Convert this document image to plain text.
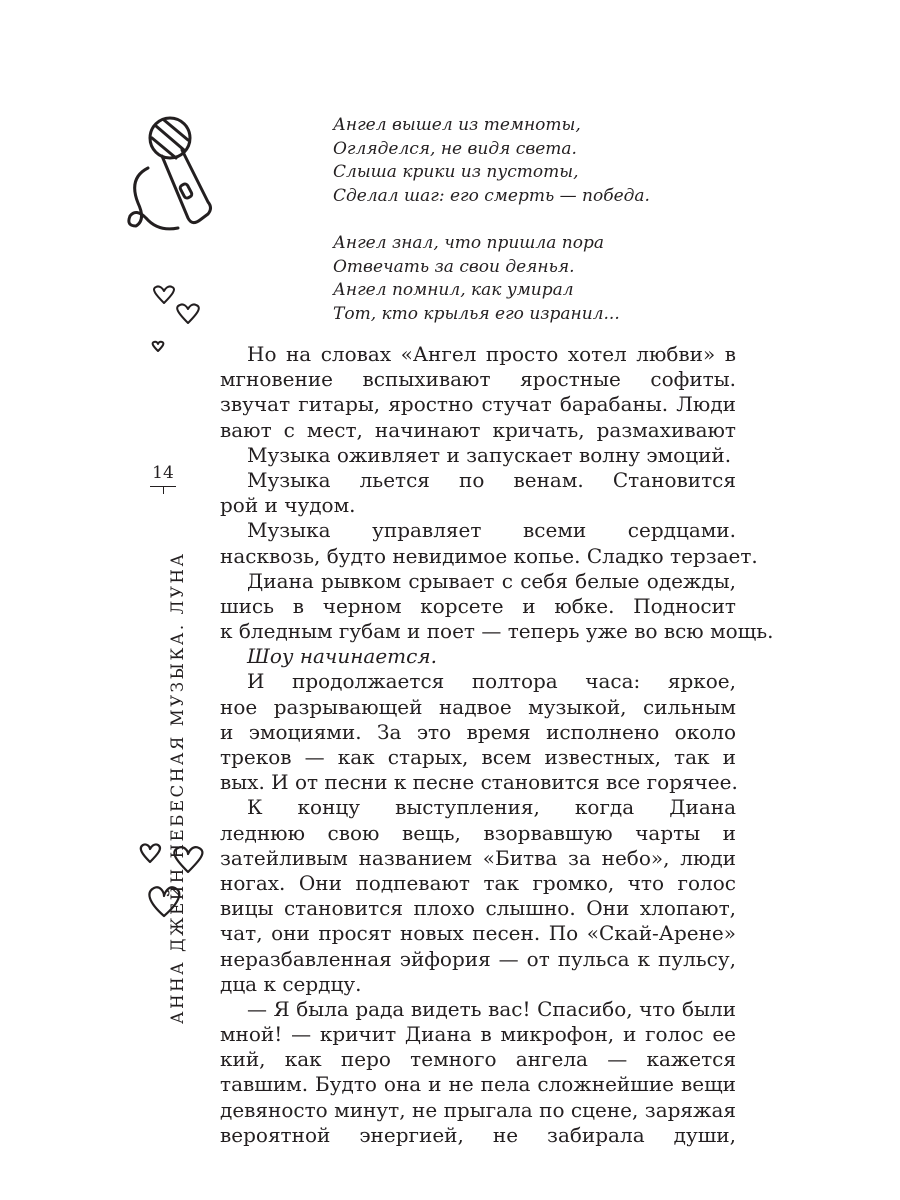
АННА ДЖЕЙН НЕБЕСНАЯ МУЗЫКА. ЛУНА
14
Ангел вышел из темноты,
Огляделся, не видя света.
Слыша крики из пустоты,
Сделал шаг: его смерть — победа.
Ангел знал, что пришла пора
Отвечать за свои деянья.
Ангел помнил, как умирал
Тот, кто крылья его изранил...
Но на словах «Ангел просто хотел любви» в
мгновение вспыхивают яростные софиты.
звучат гитары, яростно стучат барабаны. Люди
вают с мест, начинают кричать, размахивают
Музыка оживляет и запускает волну эмоций.
Музыка льется по венам. Становится
рой и чудом.
Музыка управляет всеми сердцами.
насквозь, будто невидимое копье. Сладко терзает.
Диана рывком срывает с себя белые одежды,
шись в черном корсете и юбке. Подносит
к бледным губам и поет — теперь уже во всю мощь.
Шоу начинается.
И продолжается полтора часа: яркое,
ное разрывающей надвое музыкой, сильным
и эмоциями. За это время исполнено около
треков — как старых, всем известных, так и
вых. И от песни к песне становится все горячее.
К концу выступления, когда Диана
леднюю свою вещь, взорвавшую чарты и
затейливым названием «Битва за небо», люди
ногах. Они подпевают так громко, что голос
вицы становится плохо слышно. Они хлопают,
чат, они просят новых песен. По «Скай-Арене»
неразбавленная эйфория — от пульса к пульсу,
дца к сердцу.
— Я была рада видеть вас! Спасибо, что были
мной! — кричит Диана в микрофон, и голос ее
кий, как перо темного ангела — кажется
тавшим. Будто она и не пела сложнейшие вещи
девяносто минут, не прыгала по сцене, заряжая
вероятной энергией, не забирала души,
